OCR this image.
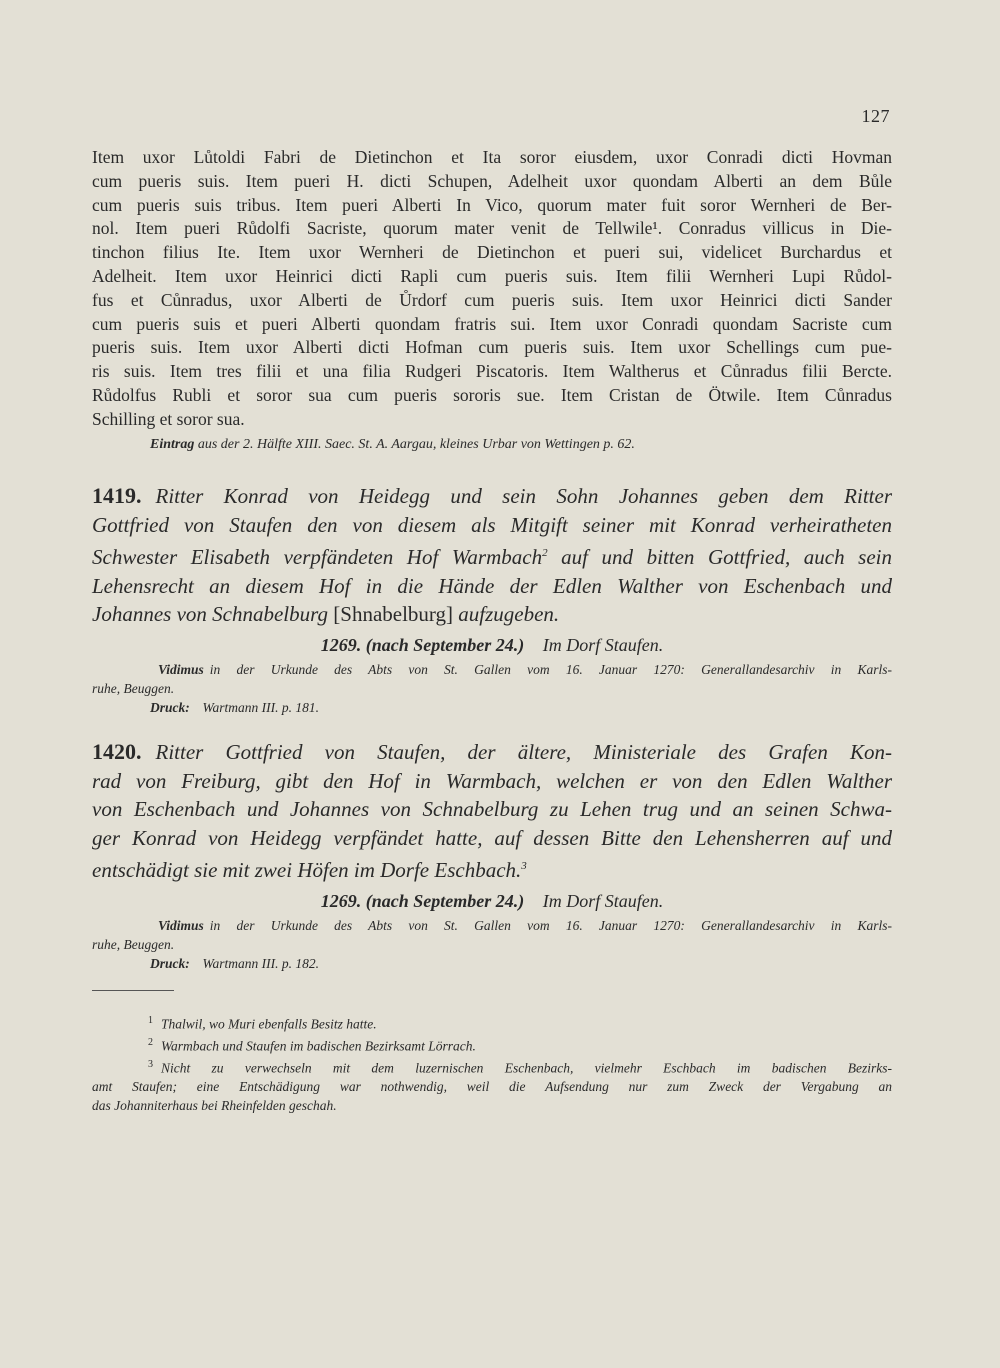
127
Item uxor Lůtoldi Fabri de Dietinchon et Ita soror eiusdem, uxor Conradi dicti Hovman
cum pueris suis. Item pueri H. dicti Schupen, Adelheit uxor quondam Alberti an dem Bůle
cum pueris suis tribus. Item pueri Alberti In Vico, quorum mater fuit soror Wernheri de Ber-
nol. Item pueri Růdolfi Sacriste, quorum mater venit de Tellwile¹. Conradus villicus in Die-
tinchon filius Ite. Item uxor Wernheri de Dietinchon et pueri sui, videlicet Burchardus et
Adelheit. Item uxor Heinrici dicti Rapli cum pueris suis. Item filii Wernheri Lupi Růdol-
fus et Cůnradus, uxor Alberti de Ůrdorf cum pueris suis. Item uxor Heinrici dicti Sander
cum pueris suis et pueri Alberti quondam fratris sui. Item uxor Conradi quondam Sacriste cum
pueris suis. Item uxor Alberti dicti Hofman cum pueris suis. Item uxor Schellings cum pue-
ris suis. Item tres filii et una filia Rudgeri Piscatoris. Item Waltherus et Cůnradus filii Bercte.
Růdolfus Rubli et soror sua cum pueris sororis sue. Item Cristan de Ötwile. Item Cůnradus
Schilling et soror sua.
Eintrag aus der 2. Hälfte XIII. Saec. St. A. Aargau, kleines Urbar von Wettingen p. 62.
1419. Ritter Konrad von Heidegg und sein Sohn Johannes geben dem Ritter
Gottfried von Staufen den von diesem als Mitgift seiner mit Konrad verheiratheten
Schwester Elisabeth verpfändeten Hof Warmbach$^2$ auf und bitten Gottfried, auch sein
Lehensrecht an diesem Hof in die Hände der Edlen Walther von Eschenbach und
Johannes von Schnabelburg [Shnabelburg] aufzugeben.
1269. (nach September 24.) Im Dorf Staufen.
Vidimus in der Urkunde des Abts von St. Gallen vom 16. Januar 1270: Generallandesarchiv in Karls-
ruhe, Beuggen.
Druck: Wartmann III. p. 181.
1420. Ritter Gottfried von Staufen, der ältere, Ministeriale des Grafen Kon-
rad von Freiburg, gibt den Hof in Warmbach, welchen er von den Edlen Walther
von Eschenbach und Johannes von Schnabelburg zu Lehen trug und an seinen Schwa-
ger Konrad von Heidegg verpfändet hatte, auf dessen Bitte den Lehensherren auf und
entschädigt sie mit zwei Höfen im Dorfe Eschbach.$^3$
1269. (nach September 24.) Im Dorf Staufen.
Vidimus in der Urkunde des Abts von St. Gallen vom 16. Januar 1270: Generallandesarchiv in Karls-
ruhe, Beuggen.
Druck: Wartmann III. p. 182.
$^1$ Thalwil, wo Muri ebenfalls Besitz hatte.
$^2$ Warmbach und Staufen im badischen Bezirksamt Lörrach.
$^3$ Nicht zu verwechseln mit dem luzernischen Eschenbach, vielmehr Eschbach im badischen Bezirks-
amt Staufen; eine Entschädigung war nothwendig, weil die Aufsendung nur zum Zweck der Vergabung an
das Johanniterhaus bei Rheinfelden geschah.
